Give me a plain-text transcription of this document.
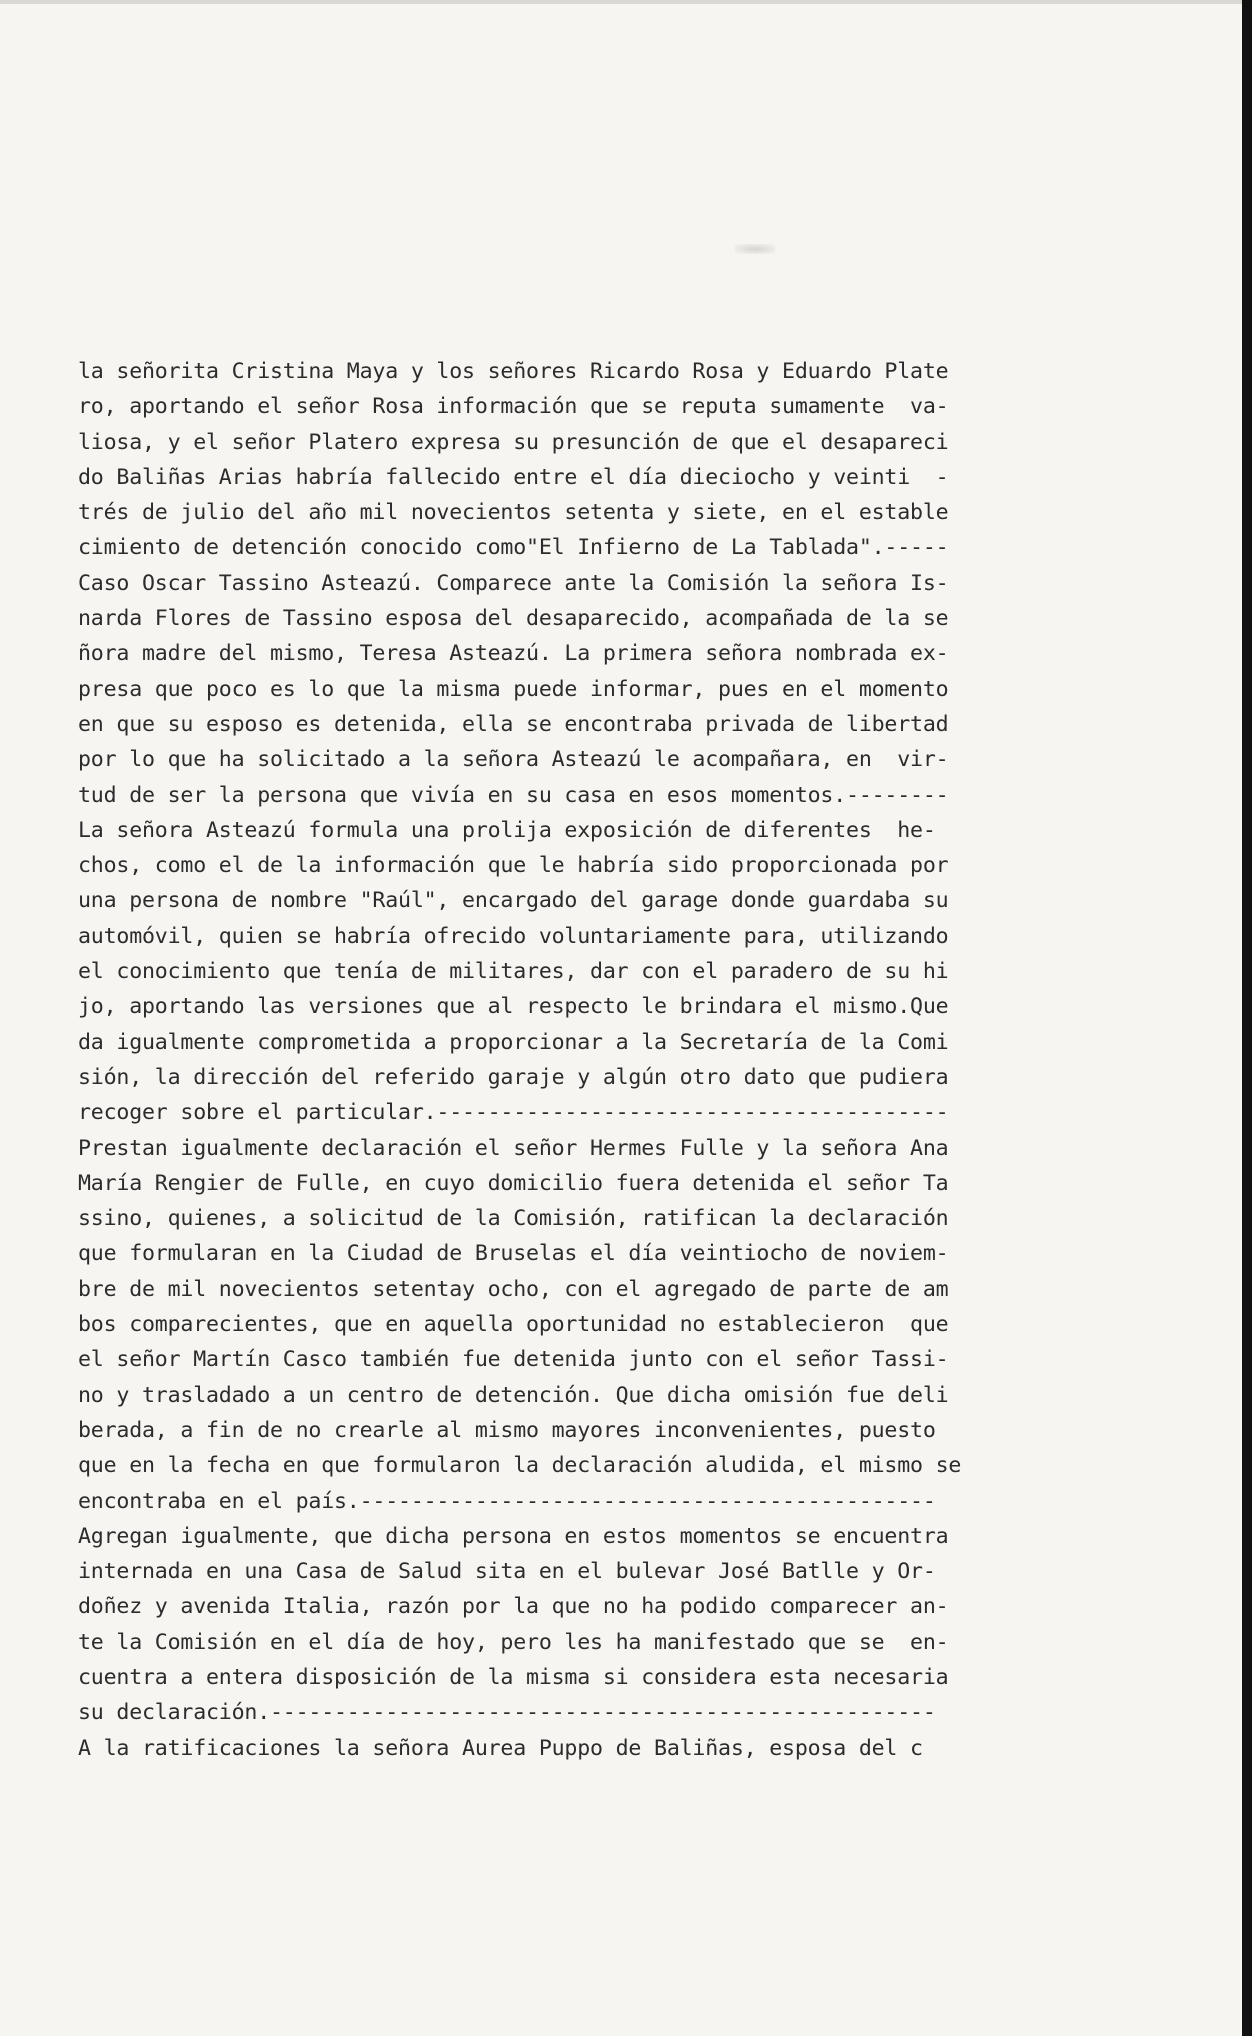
la señorita Cristina Maya y los señores Ricardo Rosa y Eduardo Plate
ro, aportando el señor Rosa información que se reputa sumamente  va-
liosa, y el señor Platero expresa su presunción de que el desapareci
do Baliñas Arias habría fallecido entre el día dieciocho y veinti  -
trés de julio del año mil novecientos setenta y siete, en el estable
cimiento de detención conocido como"El Infierno de La Tablada".-----
Caso Oscar Tassino Asteazú. Comparece ante la Comisión la señora Is-
narda Flores de Tassino esposa del desaparecido, acompañada de la se
ñora madre del mismo, Teresa Asteazú. La primera señora nombrada ex-
presa que poco es lo que la misma puede informar, pues en el momento
en que su esposo es detenida, ella se encontraba privada de libertad
por lo que ha solicitado a la señora Asteazú le acompañara, en  vir-
tud de ser la persona que vivía en su casa en esos momentos.--------
La señora Asteazú formula una prolija exposición de diferentes  he-
chos, como el de la información que le habría sido proporcionada por
una persona de nombre "Raúl", encargado del garage donde guardaba su
automóvil, quien se habría ofrecido voluntariamente para, utilizando
el conocimiento que tenía de militares, dar con el paradero de su hi
jo, aportando las versiones que al respecto le brindara el mismo.Que
da igualmente comprometida a proporcionar a la Secretaría de la Comi
sión, la dirección del referido garaje y algún otro dato que pudiera
recoger sobre el particular.----------------------------------------
Prestan igualmente declaración el señor Hermes Fulle y la señora Ana
María Rengier de Fulle, en cuyo domicilio fuera detenida el señor Ta
ssino, quienes, a solicitud de la Comisión, ratifican la declaración
que formularan en la Ciudad de Bruselas el día veintiocho de noviem-
bre de mil novecientos setentay ocho, con el agregado de parte de am
bos comparecientes, que en aquella oportunidad no establecieron  que
el señor Martín Casco también fue detenida junto con el señor Tassi-
no y trasladado a un centro de detención. Que dicha omisión fue deli
berada, a fin de no crearle al mismo mayores inconvenientes, puesto
que en la fecha en que formularon la declaración aludida, el mismo se
encontraba en el país.---------------------------------------------
Agregan igualmente, que dicha persona en estos momentos se encuentra
internada en una Casa de Salud sita en el bulevar José Batlle y Or-
doñez y avenida Italia, razón por la que no ha podido comparecer an-
te la Comisión en el día de hoy, pero les ha manifestado que se  en-
cuentra a entera disposición de la misma si considera esta necesaria
su declaración.----------------------------------------------------
A la ratificaciones la señora Aurea Puppo de Baliñas, esposa del c
